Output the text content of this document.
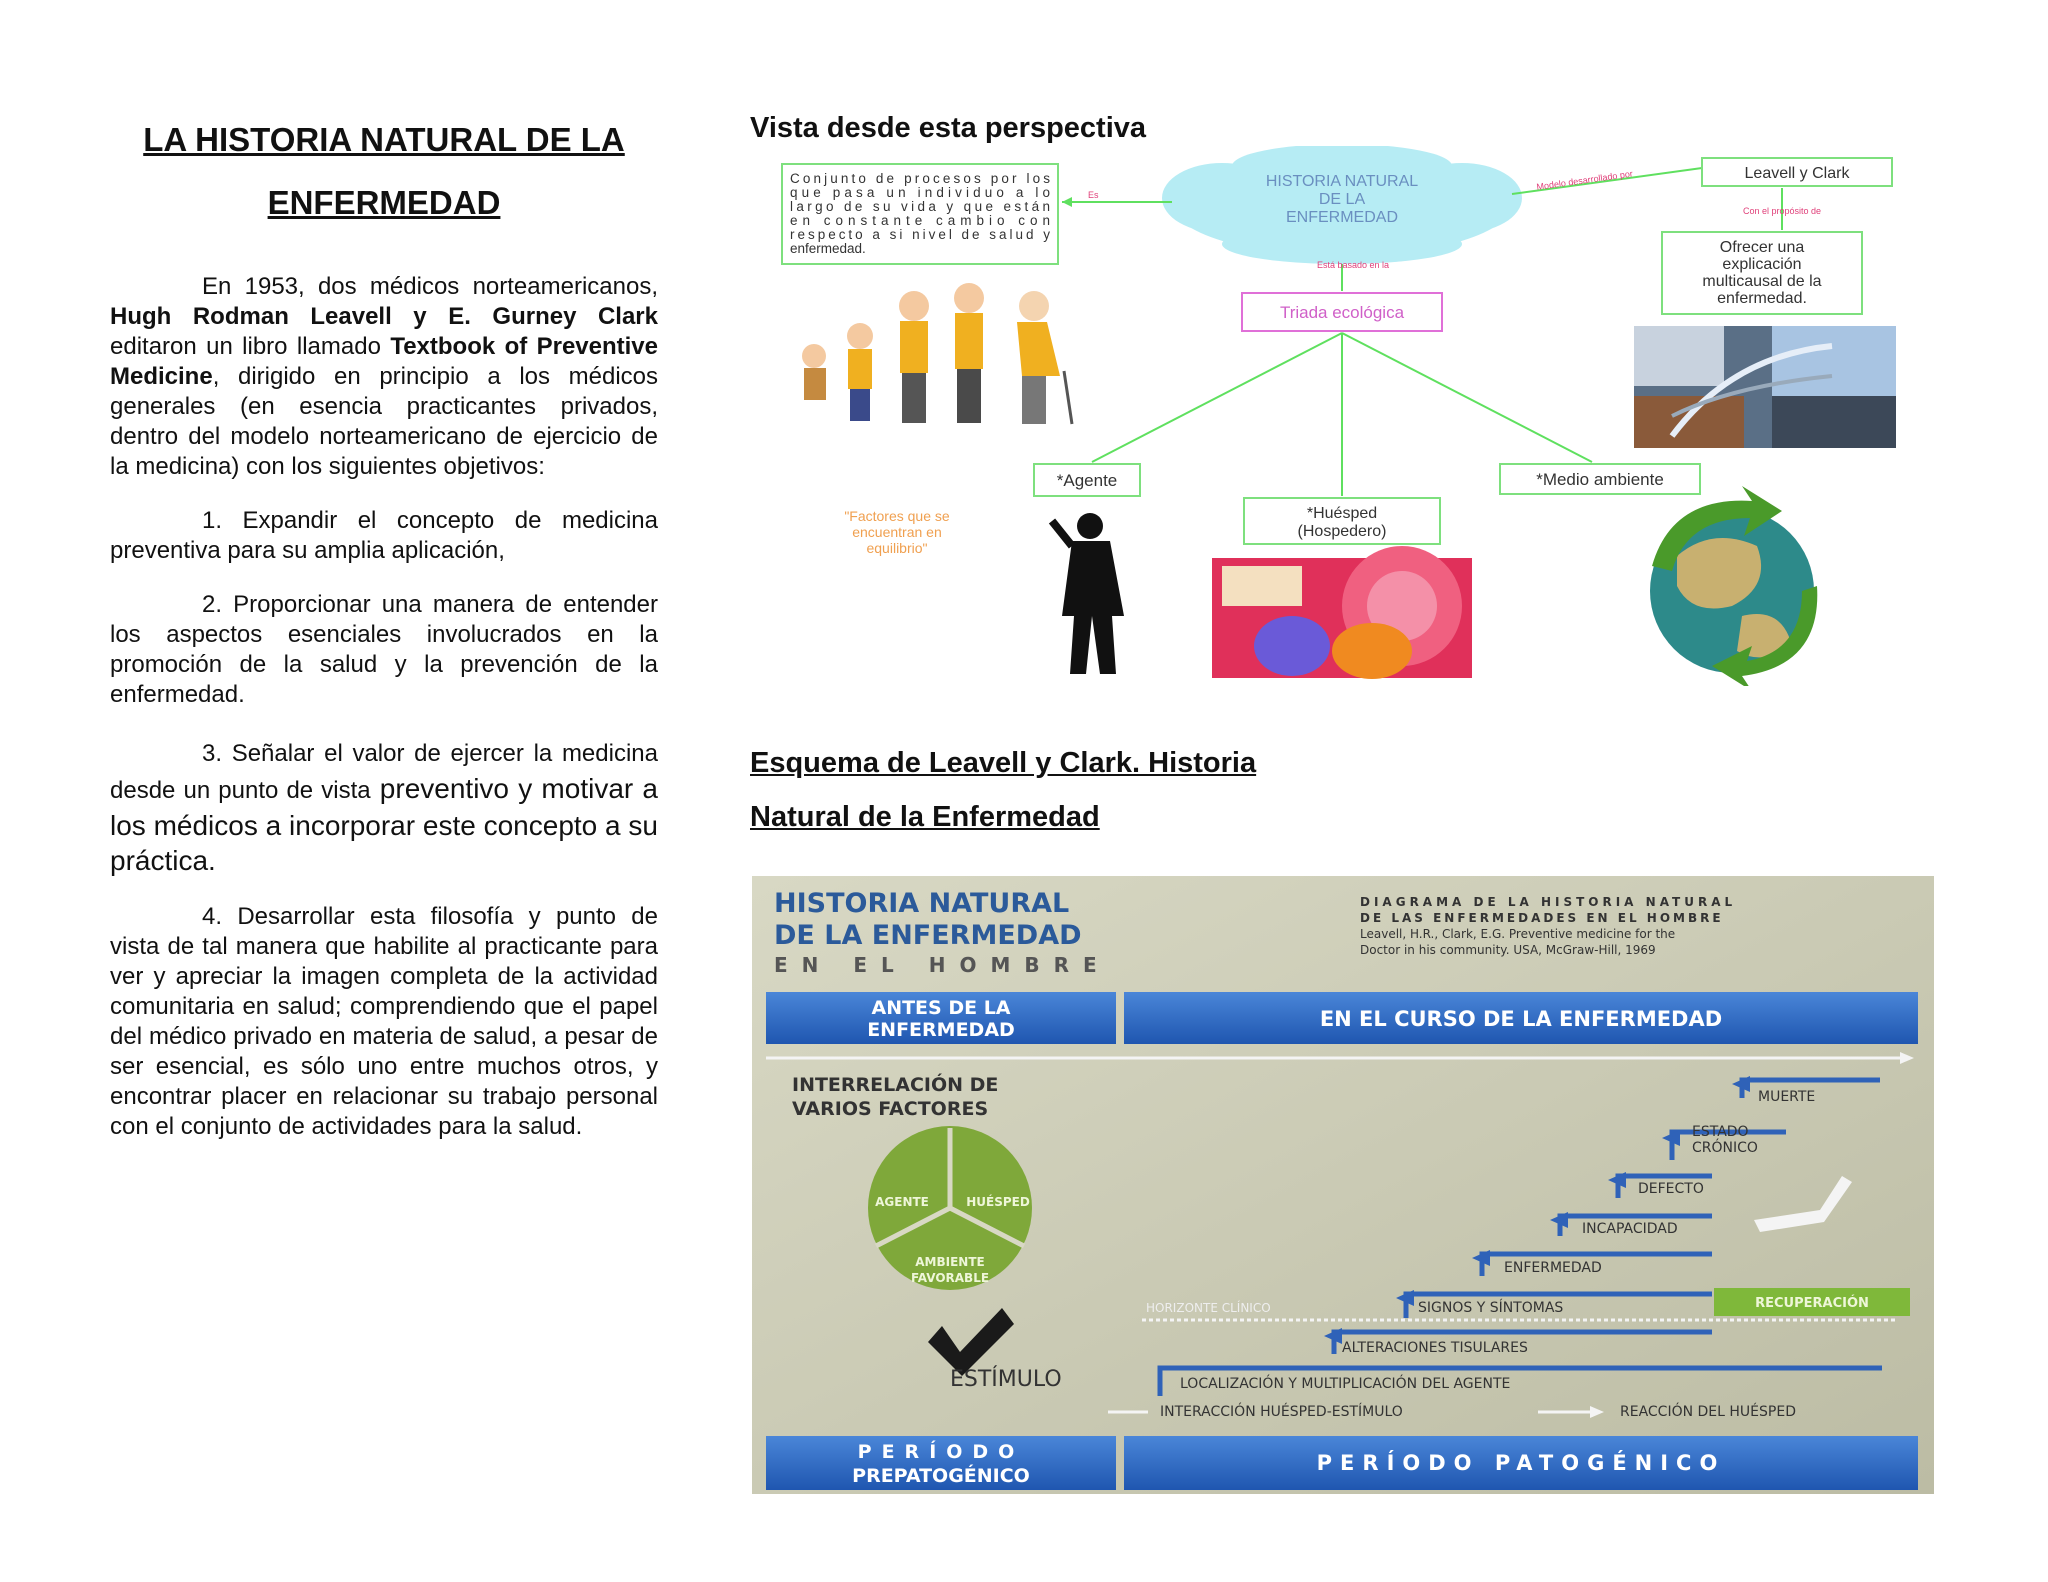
LA HISTORIA NATURAL DE LA
ENFERMEDAD

En 1953, dos médicos norteamericanos, Hugh Rodman Leavell y E. Gurney Clark editaron un libro llamado Textbook of Preventive Medicine, dirigido en principio a los médicos generales (en esencia practicantes privados, dentro del modelo norteamericano de ejercicio de la medicina) con los siguientes objetivos:

1. Expandir el concepto de medicina preventiva para su amplia aplicación,

2. Proporcionar una manera de entender los aspectos esenciales involucrados en la promoción de la salud y la prevención de la enfermedad.

3. Señalar el valor de ejercer la medicina desde un punto de vista preventivo y motivar a los médicos a incorporar este concepto a su práctica.

4. Desarrollar esta filosofía y punto de vista de tal manera que habilite al practicante para ver y apreciar la imagen completa de la actividad comunitaria en salud; comprendiendo que el papel del médico privado en materia de salud, a pesar de ser esencial, es sólo uno entre muchos otros, y encontrar placer en relacionar su trabajo personal con el conjunto de actividades para la salud.

Vista desde esta perspectiva
Esquema de Leavell y Clark. Historia
Natural de la Enfermedad
HISTORIA NATURAL
DE LA
ENFERMEDAD
Conjunto de procesos por los
que pasa un individuo a lo
largo de su vida y que están
en constante cambio con
respecto a si nivel de salud y
enfermedad.
Es
Modelo desarrollado por	Leavell y Clark
Con el propósito de
Ofrecer una
explicación
multicausal de la
enfermedad.
Está basado en la
Triada ecológica
*Agente
*Huésped
(Hospedero)
*Medio ambiente
"Factores que se
encuentran en
equilibrio"
HISTORIA NATURAL
DE LA ENFERMEDAD
EN EL HOMBRE
DIAGRAMA DE LA HISTORIA NATURAL
DE LAS ENFERMEDADES EN EL HOMBRE
Leavell, H.R., Clark, E.G. Preventive medicine for the
Doctor in his community. USA, McGraw-Hill, 1969
ANTES DE LA
ENFERMEDAD	EN EL CURSO DE LA ENFERMEDAD
INTERRELACIÓN DE
VARIOS FACTORES
AGENTE	HUÉSPED
AMBIENTE
FAVORABLE
ESTÍMULO
MUERTE
ESTADO
CRÓNICO
DEFECTO
INCAPACIDAD
ENFERMEDAD
HORIZONTE CLÍNICO	SIGNOS Y SÍNTOMAS
ALTERACIONES TISULARES
LOCALIZACIÓN Y MULTIPLICACIÓN DEL AGENTE
INTERACCIÓN HUÉSPED-ESTÍMULO	REACCIÓN DEL HUÉSPED
RECUPERACIÓN
PERÍODO
PREPATOGÉNICO
PERÍODO PATOGÉNICO
